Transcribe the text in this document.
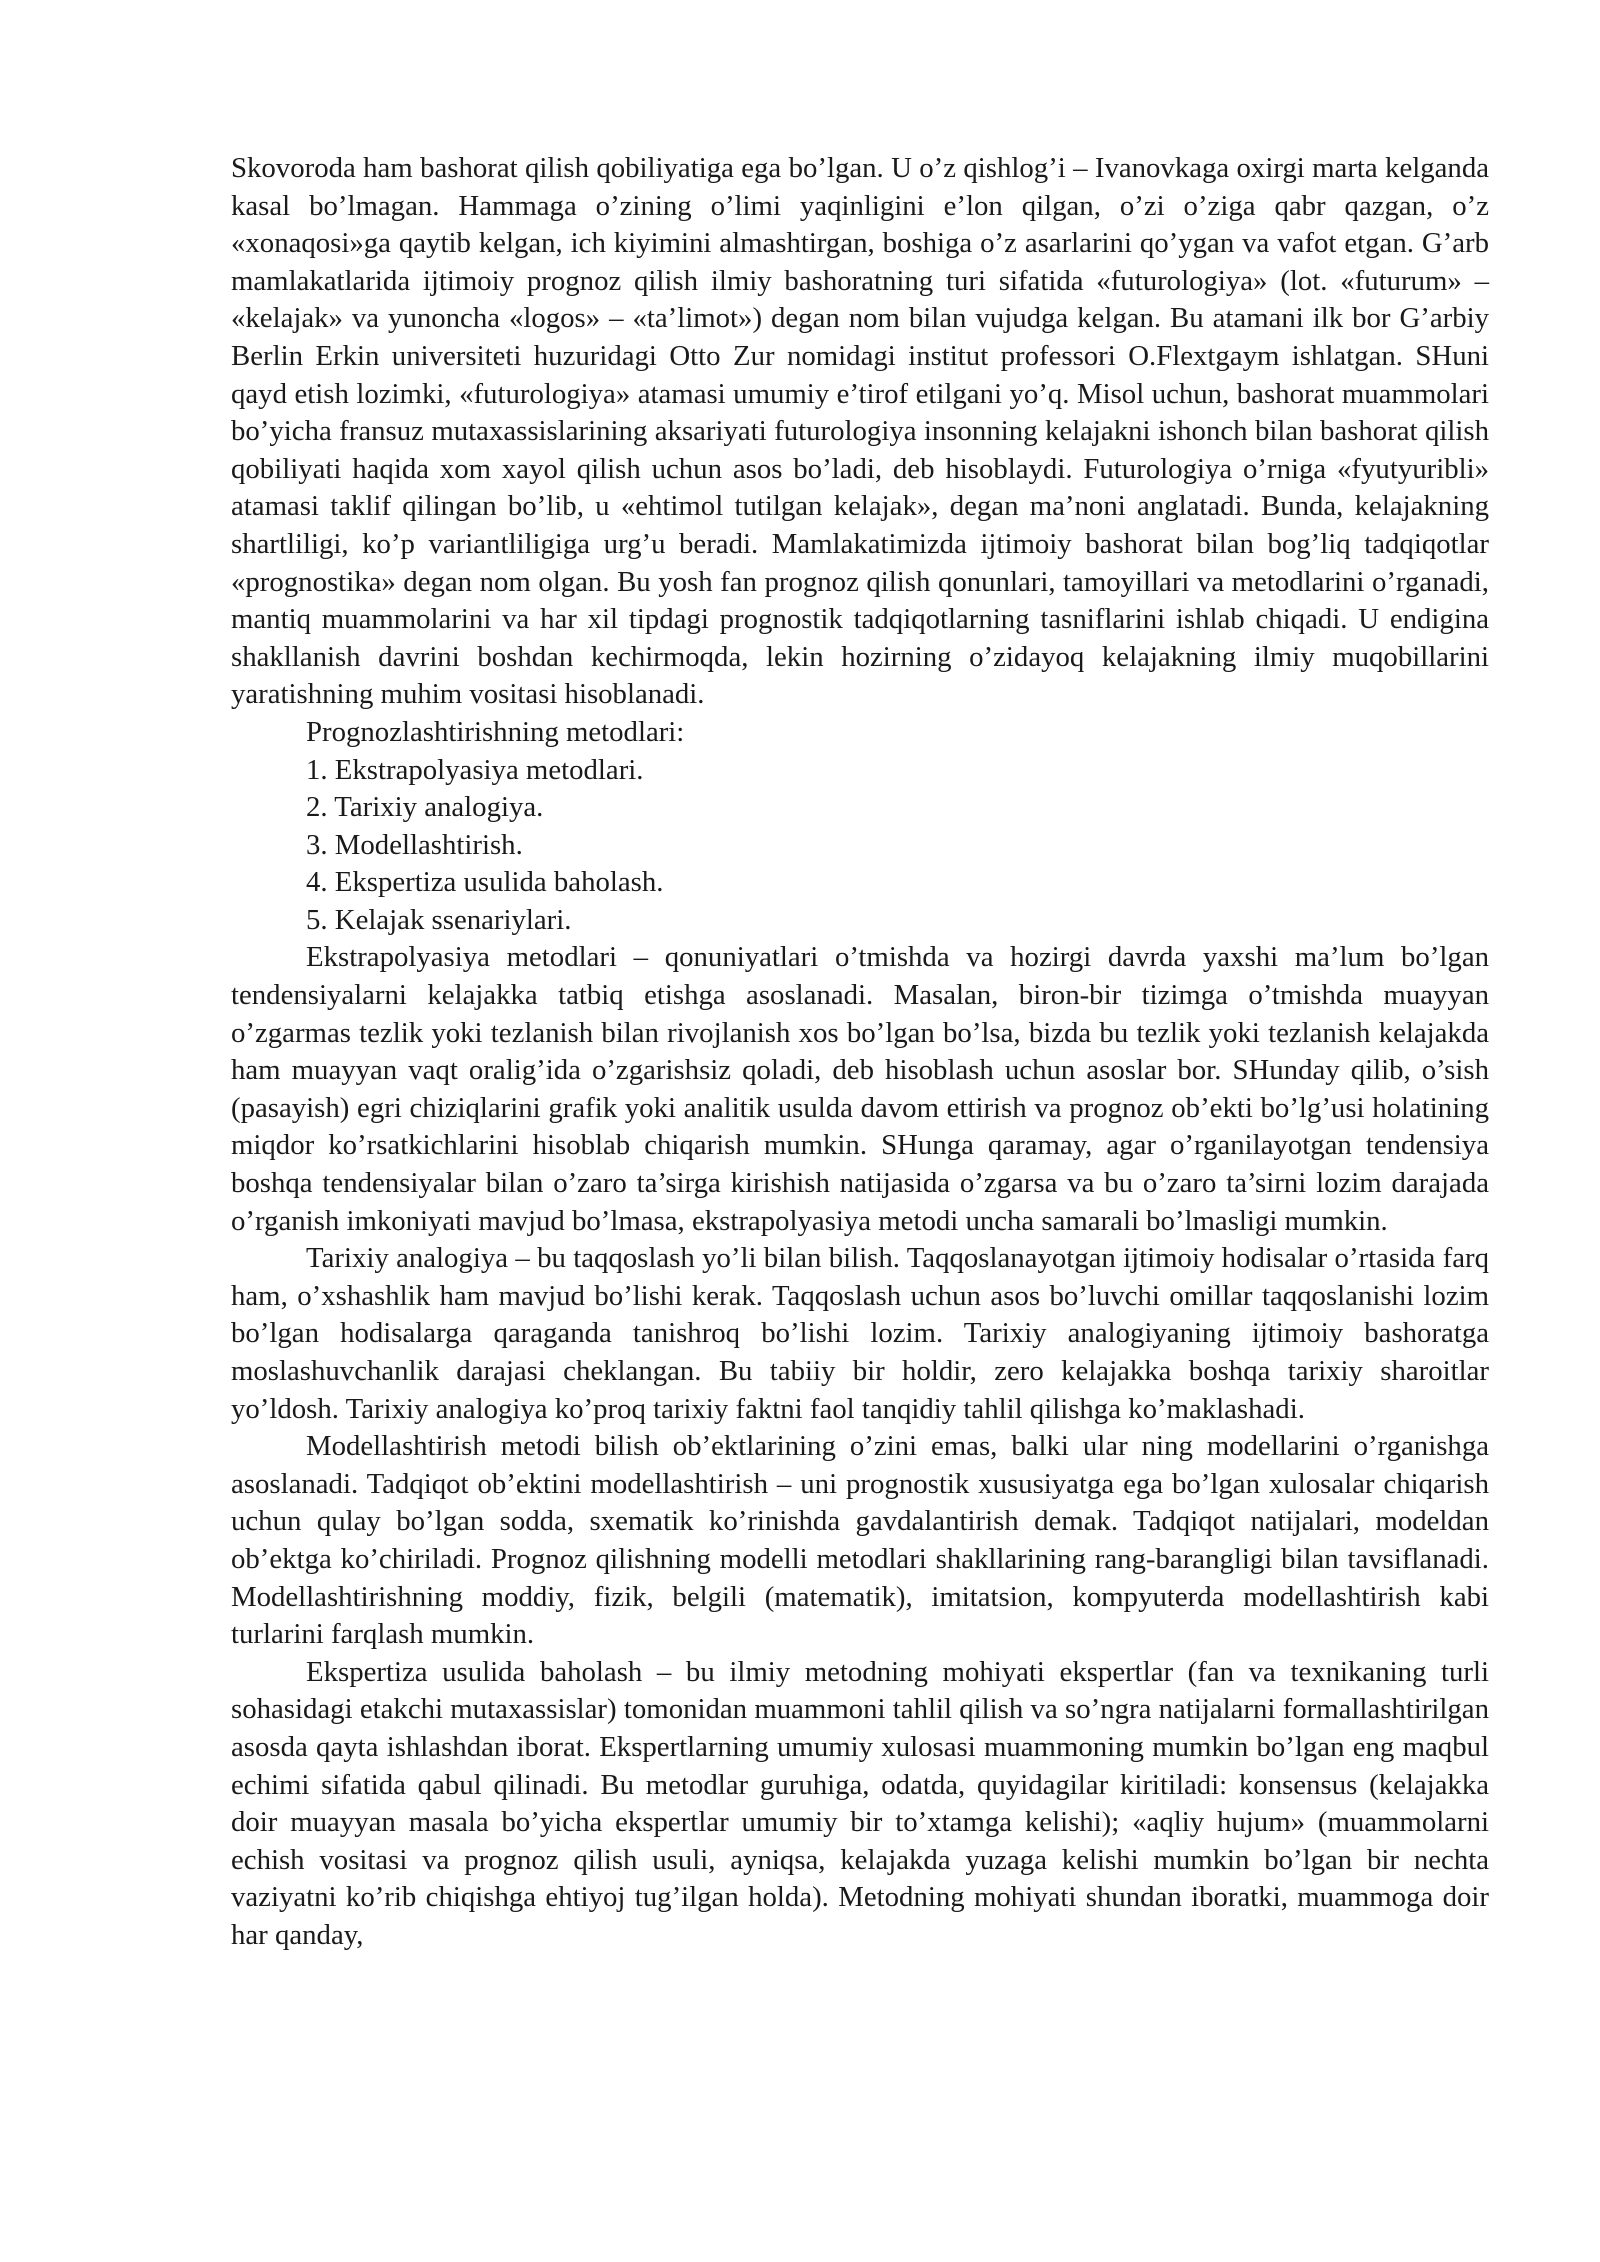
Skovoroda ham bashorat qilish qobiliyatiga ega bo’lgan. U o’z qishlog’i – Ivanovkaga oxirgi marta kelganda kasal bo’lmagan. Hammaga o’zining o’limi yaqinligini e’lon qilgan, o’zi o’ziga qabr qazgan, o’z «xonaqosi»ga qaytib kelgan, ich kiyimini almashtirgan, boshiga o’z asarlarini qo’ygan va vafot etgan. G’arb mamlakatlarida ijtimoiy prognoz qilish ilmiy bashoratning turi sifatida «futurologiya» (lot. «futurum» – «kelajak» va yunoncha «logos» – «ta’limot») degan nom bilan vujudga kelgan. Bu atamani ilk bor G’arbiy Berlin Erkin universiteti huzuridagi Otto Zur nomidagi institut professori O.Flextgaym ishlatgan. SHuni qayd etish lozimki, «futurologiya» atamasi umumiy e’tirof etilgani yo’q. Misol uchun, bashorat muammolari bo’yicha fransuz mutaxassislarining aksariyati futurologiya insonning kelajakni ishonch bilan bashorat qilish qobiliyati haqida xom xayol qilish uchun asos bo’ladi, deb hisoblaydi. Futurologiya o’rniga «fyutyuribli» atamasi taklif qilingan bo’lib, u «ehtimol tutilgan kelajak», degan ma’noni anglatadi. Bunda, kelajakning shartliligi, ko’p variantliligiga urg’u beradi. Mamlakatimizda ijtimoiy bashorat bilan bog’liq tadqiqotlar «prognostika» degan nom olgan. Bu yosh fan prognoz qilish qonunlari, tamoyillari va metodlarini o’rganadi, mantiq muammolarini va har xil tipdagi prognostik tadqiqotlarning tasniflarini ishlab chiqadi. U endigina shakllanish davrini boshdan kechirmoqda, lekin hozirning o’zidayoq kelajakning ilmiy muqobillarini yaratishning muhim vositasi hisoblanadi.

Prognozlashtirishning metodlari:

1. Ekstrapolyasiya metodlari.
2. Tarixiy analogiya.
3. Modellashtirish.
4. Ekspertiza usulida baholash.
5. Kelajak ssenariylari.

Ekstrapolyasiya metodlari – qonuniyatlari o’tmishda va hozirgi davrda yaxshi ma’lum bo’lgan tendensiyalarni kelajakka tatbiq etishga asoslanadi. Masalan, biron-bir tizimga o’tmishda muayyan o’zgarmas tezlik yoki tezlanish bilan rivojlanish xos bo’lgan bo’lsa, bizda bu tezlik yoki tezlanish kelajakda ham muayyan vaqt oralig’ida o’zgarishsiz qoladi, deb hisoblash uchun asoslar bor. SHunday qilib, o’sish (pasayish) egri chiziqlarini grafik yoki analitik usulda davom ettirish va prognoz ob’ekti bo’lg’usi holatining miqdor ko’rsatkichlarini hisoblab chiqarish mumkin. SHunga qaramay, agar o’rganilayotgan tendensiya boshqa tendensiyalar bilan o’zaro ta’sirga kirishish natijasida o’zgarsa va bu o’zaro ta’sirni lozim darajada o’rganish imkoniyati mavjud bo’lmasa, ekstrapolyasiya metodi uncha samarali bo’lmasligi mumkin.

Tarixiy analogiya – bu taqqoslash yo’li bilan bilish. Taqqoslanayotgan ijtimoiy hodisalar o’rtasida farq ham, o’xshashlik ham mavjud bo’lishi kerak. Taqqoslash uchun asos bo’luvchi omillar taqqoslanishi lozim bo’lgan hodisalarga qaraganda tanishroq bo’lishi lozim. Tarixiy analogiyaning ijtimoiy bashoratga moslashuvchanlik darajasi cheklangan. Bu tabiiy bir holdir, zero kelajakka boshqa tarixiy sharoitlar yo’ldosh. Tarixiy analogiya ko’proq tarixiy faktni faol tanqidiy tahlil qilishga ko’maklashadi.

Modellashtirish metodi bilish ob’ektlarining o’zini emas, balki ular ning modellarini o’rganishga asoslanadi. Tadqiqot ob’ektini modellashtirish – uni prognostik xususiyatga ega bo’lgan xulosalar chiqarish uchun qulay bo’lgan sodda, sxematik ko’rinishda gavdalantirish demak. Tadqiqot natijalari, modeldan ob’ektga ko’chiriladi. Prognoz qilishning modelli metodlari shakllarining rang-barangligi bilan tavsiflanadi. Modellashtirishning moddiy, fizik, belgili (matematik), imitatsion, kompyuterda modellashtirish kabi turlarini farqlash mumkin.

Ekspertiza usulida baholash – bu ilmiy metodning mohiyati ekspertlar (fan va texnikaning turli sohasidagi etakchi mutaxassislar) tomonidan muammoni tahlil qilish va so’ngra natijalarni formallashtirilgan asosda qayta ishlashdan iborat. Ekspertlarning umumiy xulosasi muammoning mumkin bo’lgan eng maqbul echimi sifatida qabul qilinadi. Bu metodlar guruhiga, odatda, quyidagilar kiritiladi: konsensus (kelajakka doir muayyan masala bo’yicha ekspertlar umumiy bir to’xtamga kelishi); «aqliy hujum» (muammolarni echish vositasi va prognoz qilish usuli, ayniqsa, kelajakda yuzaga kelishi mumkin bo’lgan bir nechta vaziyatni ko’rib chiqishga ehtiyoj tug’ilgan holda). Metodning mohiyati shundan iboratki, muammoga doir har qanday,
